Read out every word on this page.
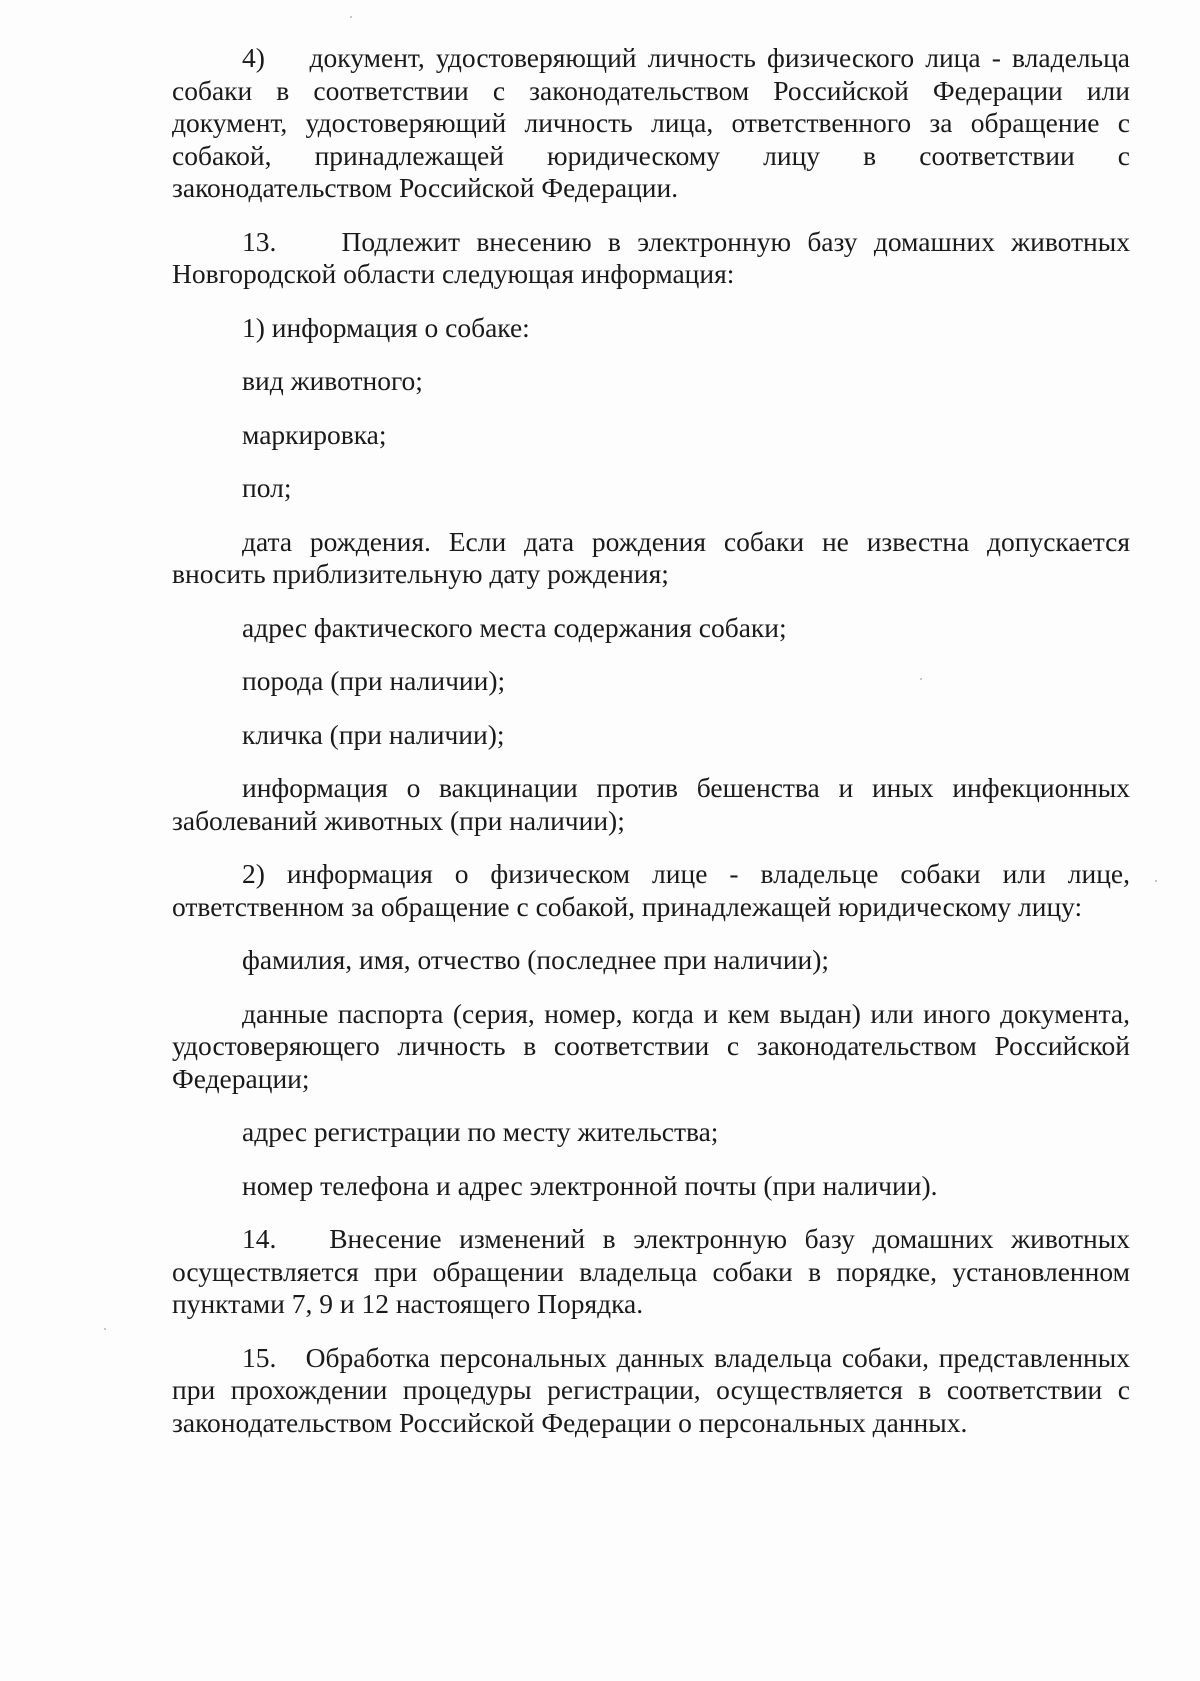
4)    документ, удостоверяющий личность физического лица - владельца собаки в соответствии с законодательством Российской Федерации или документ, удостоверяющий личность лица, ответственного за обращение с собакой, принадлежащей юридическому лицу в соответствии с законодательством Российской Федерации.

13.    Подлежит внесению в электронную базу домашних животных Новгородской области следующая информация:

1) информация о собаке:

вид животного;

маркировка;

пол;

дата рождения. Если дата рождения собаки не известна допускается вносить приблизительную дату рождения;

адрес фактического места содержания собаки;

порода (при наличии);

кличка (при наличии);

информация о вакцинации против бешенства и иных инфекционных заболеваний животных (при наличии);

2) информация о физическом лице - владельце собаки или лице, ответственном за обращение с собакой, принадлежащей юридическому лицу:

фамилия, имя, отчество (последнее при наличии);

данные паспорта (серия, номер, когда и кем выдан) или иного документа, удостоверяющего личность в соответствии с законодательством Российской Федерации;

адрес регистрации по месту жительства;

номер телефона и адрес электронной почты (при наличии).

14.   Внесение изменений в электронную базу домашних животных осуществляется при обращении владельца собаки в порядке, установленном пунктами 7, 9 и 12 настоящего Порядка.

15.   Обработка персональных данных владельца собаки, представленных при прохождении процедуры регистрации, осуществляется в соответствии с законодательством Российской Федерации о персональных данных.
